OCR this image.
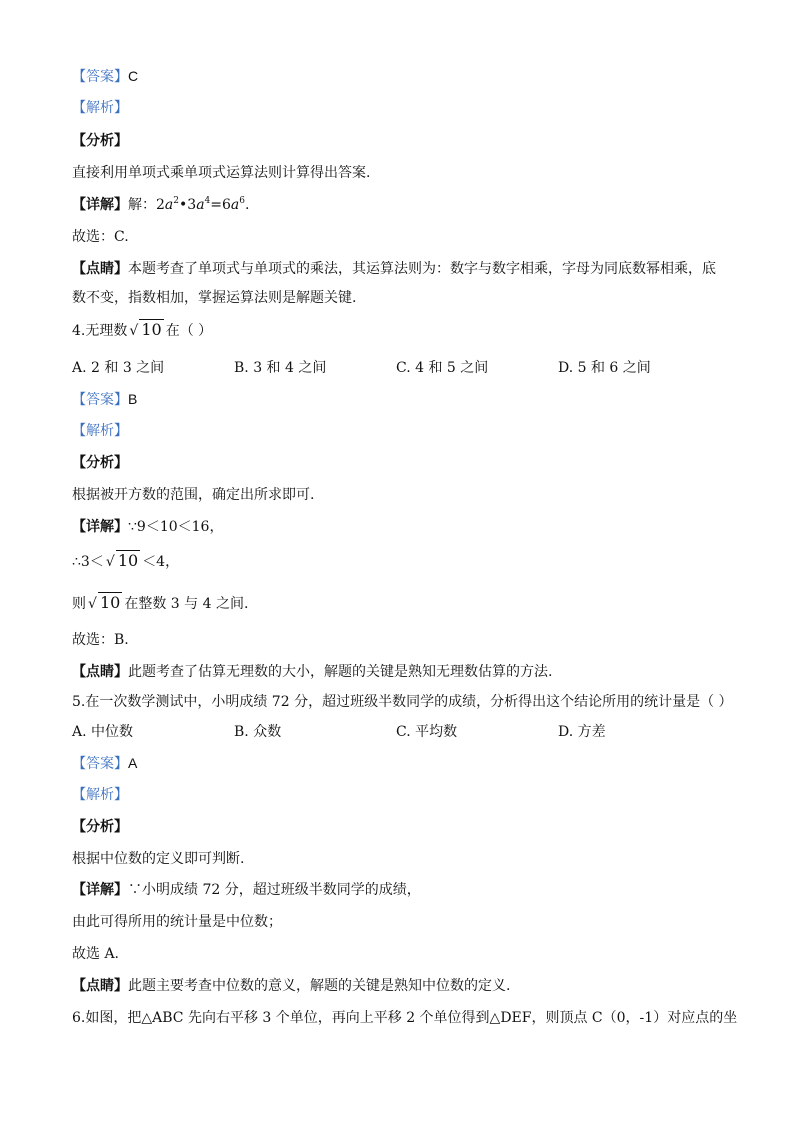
【答案】C
【解析】
【分析】
直接利用单项式乘单项式运算法则计算得出答案.
【详解】解：$2a^2•3a^4=6a^6$.
故选：C.
【点睛】本题考查了单项式与单项式的乘法，其运算法则为：数字与数字相乘，字母为同底数幂相乘，底
数不变，指数相加，掌握运算法则是解题关键.
4.无理数 √ 10 在（ ）
A. 2 和 3 之间	B. 3 和 4 之间	C. 4 和 5 之间	D. 5 和 6 之间
【答案】B
【解析】
【分析】
根据被开方数的范围，确定出所求即可.
【详解】∵9＜10＜16，
∴3＜ √ 10 ＜4，
则 √ 10 在整数 3 与 4 之间.
故选：B.
【点睛】此题考查了估算无理数的大小，解题的关键是熟知无理数估算的方法.
5.在一次数学测试中，小明成绩 72 分，超过班级半数同学的成绩，分析得出这个结论所用的统计量是（ ）
A. 中位数	B. 众数	C. 平均数	D. 方差
【答案】A
【解析】
【分析】
根据中位数的定义即可判断.
【详解】∵小明成绩 72 分，超过班级半数同学的成绩，
由此可得所用的统计量是中位数；
故选 A.
【点睛】此题主要考查中位数的意义，解题的关键是熟知中位数的定义.
6.如图，把△ABC 先向右平移 3 个单位，再向上平移 2 个单位得到△DEF，则顶点 C（0，-1）对应点的坐
